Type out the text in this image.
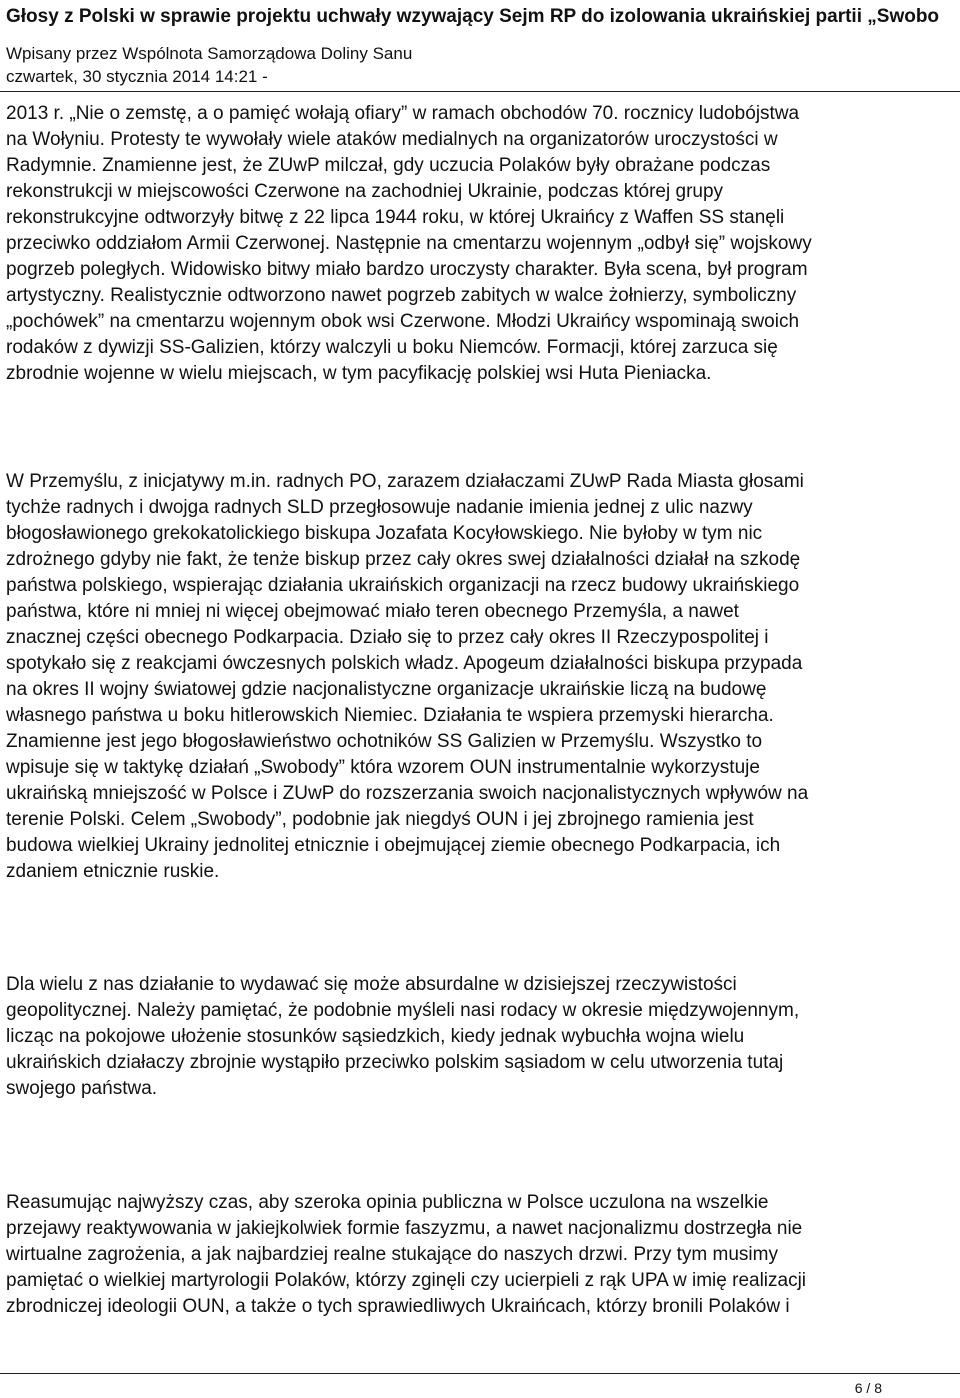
Głosy z Polski w sprawie projektu uchwały wzywający Sejm RP do izolowania ukraińskiej partii „Swobo
Wpisany przez Wspólnota Samorządowa Doliny Sanu
czwartek, 30 stycznia 2014 14:21 -
2013 r. „Nie o zemstę, a o pamięć wołają ofiary” w ramach obchodów 70. rocznicy ludobójstwa
na Wołyniu. Protesty te wywołały wiele ataków medialnych na organizatorów uroczystości w
Radymnie. Znamienne jest, że ZUwP milczał, gdy uczucia Polaków były obrażane podczas
rekonstrukcji w miejscowości Czerwone na zachodniej Ukrainie, podczas której grupy
rekonstrukcyjne odtworzyły bitwę z 22 lipca 1944 roku, w której Ukraińcy z Waffen SS stanęli
przeciwko oddziałom Armii Czerwonej. Następnie na cmentarzu wojennym „odbył się” wojskowy
pogrzeb poległych. Widowisko bitwy miało bardzo uroczysty charakter. Była scena, był program
artystyczny. Realistycznie odtworzono nawet pogrzeb zabitych w walce żołnierzy, symboliczny
„pochówek” na cmentarzu wojennym obok wsi Czerwone. Młodzi Ukraińcy wspominają swoich
rodaków z dywizji SS-Galizien, którzy walczyli u boku Niemców. Formacji, której zarzuca się
zbrodnie wojenne w wielu miejscach, w tym pacyfikację polskiej wsi Huta Pieniacka.
W Przemyślu, z inicjatywy m.in. radnych PO, zarazem działaczami ZUwP Rada Miasta głosami
tychże radnych i dwojga radnych SLD przegłosowuje nadanie imienia jednej z ulic nazwy
błogosławionego grekokatolickiego biskupa Jozafata Kocyłowskiego. Nie byłoby w tym nic
zdrożnego gdyby nie fakt, że tenże biskup przez cały okres swej działalności działał na szkodę
państwa polskiego, wspierając działania ukraińskich organizacji na rzecz budowy ukraińskiego
państwa, które ni mniej ni więcej obejmować miało teren obecnego Przemyśla, a nawet
znacznej części obecnego Podkarpacia. Działo się to przez cały okres II Rzeczypospolitej i
spotykało się z reakcjami ówczesnych polskich władz. Apogeum działalności biskupa przypada
na okres II wojny światowej gdzie nacjonalistyczne organizacje ukraińskie liczą na budowę
własnego państwa u boku hitlerowskich Niemiec. Działania te wspiera przemyski hierarcha.
Znamienne jest jego błogosławieństwo ochotników SS Galizien w Przemyślu. Wszystko to
wpisuje się w taktykę działań „Swobody” która wzorem OUN instrumentalnie wykorzystuje
ukraińską mniejszość w Polsce i ZUwP do rozszerzania swoich nacjonalistycznych wpływów na
terenie Polski. Celem „Swobody”, podobnie jak niegdyś OUN i jej zbrojnego ramienia jest
budowa wielkiej Ukrainy jednolitej etnicznie i obejmującej ziemie obecnego Podkarpacia, ich
zdaniem etnicznie ruskie.
Dla wielu z nas działanie to wydawać się może absurdalne w dzisiejszej rzeczywistości
geopolitycznej. Należy pamiętać, że podobnie myśleli nasi rodacy w okresie międzywojennym,
licząc na pokojowe ułożenie stosunków sąsiedzkich, kiedy jednak wybuchła wojna wielu
ukraińskich działaczy zbrojnie wystąpiło przeciwko polskim sąsiadom w celu utworzenia tutaj
swojego państwa.
Reasumując najwyższy czas, aby szeroka opinia publiczna w Polsce uczulona na wszelkie
przejawy reaktywowania w jakiejkolwiek formie faszyzmu, a nawet nacjonalizmu dostrzegła nie
wirtualne zagrożenia, a jak najbardziej realne stukające do naszych drzwi. Przy tym musimy
pamiętać o wielkiej martyrologii Polaków, którzy zginęli czy ucierpieli z rąk UPA w imię realizacji
zbrodniczej ideologii OUN, a także o tych sprawiedliwych Ukraińcach, którzy bronili Polaków i
6 / 8
